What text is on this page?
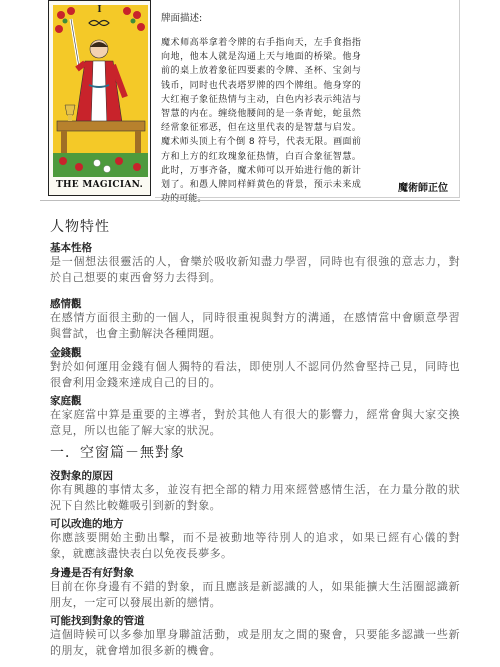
I
THE MAGICIAN.
牌面描述:
魔术师高举拿着令牌的右手指向天，左手食指指向地，他本人就是沟通上天与地面的桥梁。他身前的桌上放着象征四要素的令牌、圣杯、宝剑与钱币，同时也代表塔罗牌的四个牌组。他身穿的大红袍子象征热情与主动，白色内衫表示纯洁与智慧的内在。缠绕他腰间的是一条青蛇，蛇虽然经常象征邪恶，但在这里代表的是智慧与启发。魔术师头顶上有个倒 8 符号，代表无限。画面前方和上方的红玫瑰象征热情，白百合象征智慧。此时，万事齐备，魔术师可以开始进行他的新计划了。和愚人牌同样鲜黄色的背景，预示未来成	魔術師正位
人物特性

基本性格

是一個想法很靈活的人，會樂於吸收新知盡力學習，同時也有很強的意志力，對於自己想要的東西會努力去得到。

感情觀

在感情方面很主動的一個人，同時很重視與對方的溝通，在感情當中會願意學習與嘗試，也會主動解決各種問題。

金錢觀

對於如何運用金錢有個人獨特的看法，即使別人不認同仍然會堅持己見，同時也很會利用金錢來達成自己的目的。

家庭觀

在家庭當中算是重要的主導者，對於其他人有很大的影響力，經常會與大家交換意見，所以也能了解大家的狀況。

一．空窗篇－無對象

沒對象的原因

你有興趣的事情太多，並沒有把全部的精力用來經營感情生活，在力量分散的狀況下自然比較難吸引到新的對象。

可以改進的地方

你應該要開始主動出擊，而不是被動地等待別人的追求，如果已經有心儀的對象，就應該盡快表白以免夜長夢多。

身邊是否有好對象

目前在你身邊有不錯的對象，而且應該是新認識的人，如果能擴大生活圈認識新朋友，一定可以發展出新的戀情。

可能找到對象的管道

這個時候可以多參加單身聯誼活動，或是朋友之間的聚會，只要能多認識一些新的朋友，就會增加很多新的機會。
